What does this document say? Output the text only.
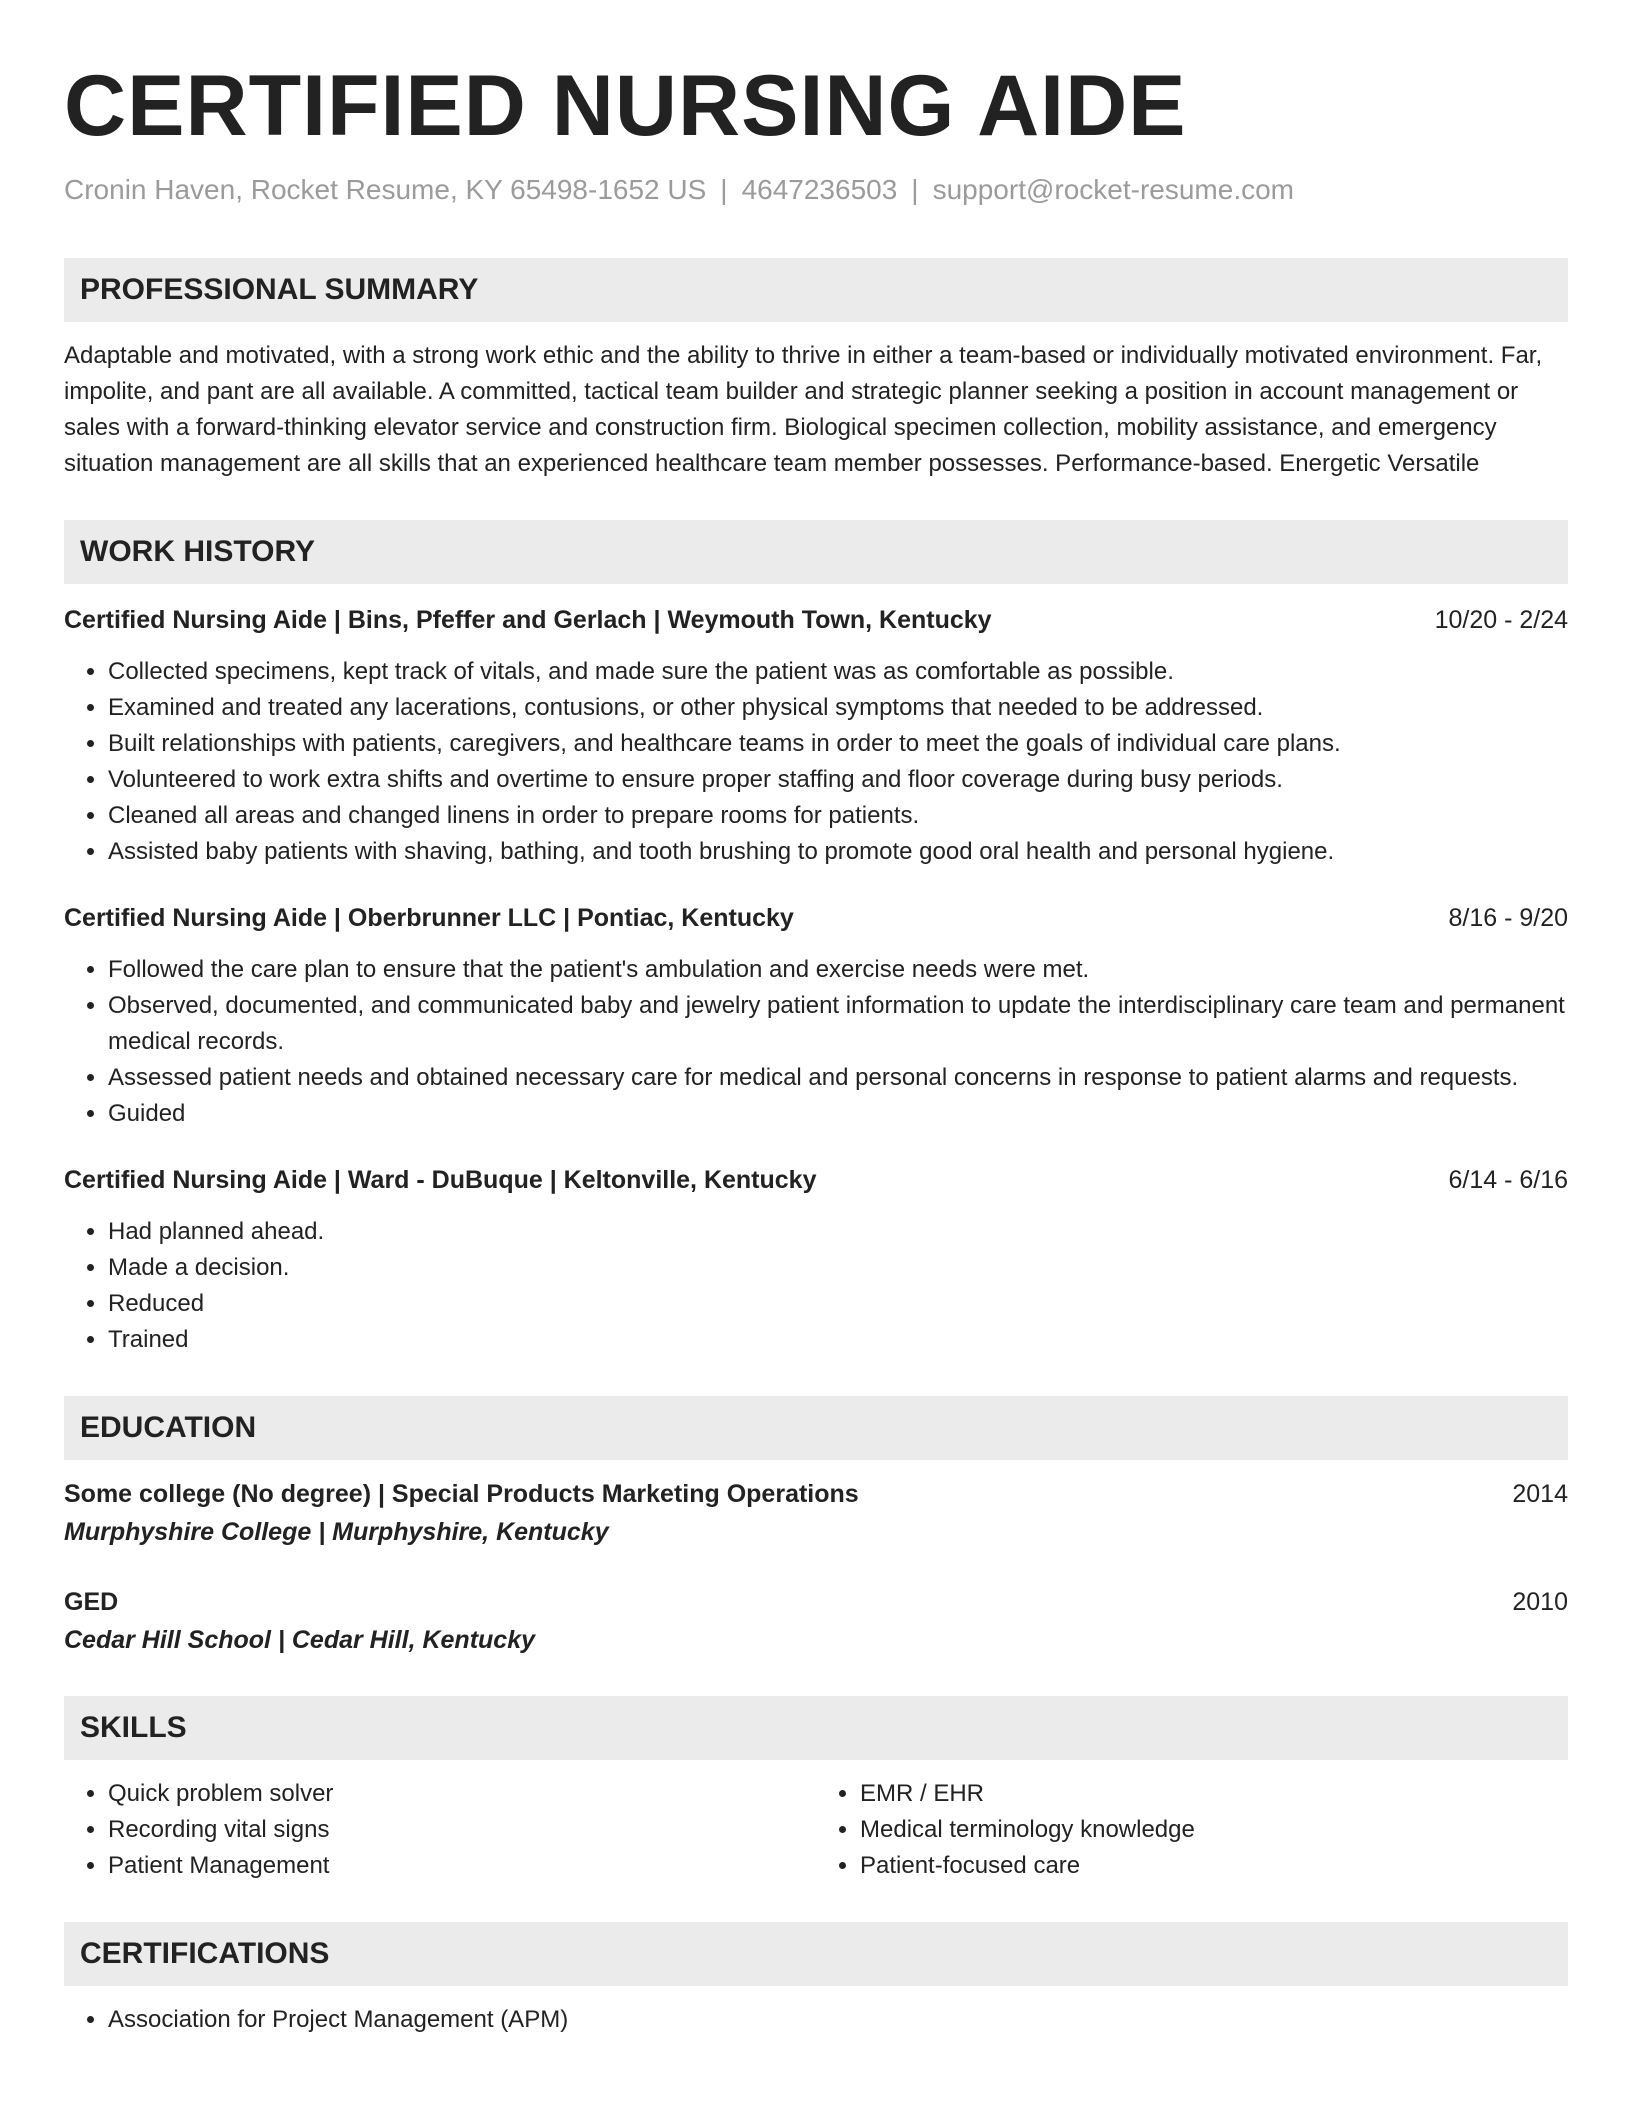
CERTIFIED NURSING AIDE
Cronin Haven, Rocket Resume, KY 65498-1652 US | 4647236503 | support@rocket-resume.com
PROFESSIONAL SUMMARY
Adaptable and motivated, with a strong work ethic and the ability to thrive in either a team-based or individually motivated environment. Far, impolite, and pant are all available. A committed, tactical team builder and strategic planner seeking a position in account management or sales with a forward-thinking elevator service and construction firm. Biological specimen collection, mobility assistance, and emergency situation management are all skills that an experienced healthcare team member possesses. Performance-based. Energetic Versatile
WORK HISTORY
Certified Nursing Aide | Bins, Pfeffer and Gerlach | Weymouth Town, Kentucky	10/20 - 2/24
• Collected specimens, kept track of vitals, and made sure the patient was as comfortable as possible.
• Examined and treated any lacerations, contusions, or other physical symptoms that needed to be addressed.
• Built relationships with patients, caregivers, and healthcare teams in order to meet the goals of individual care plans.
• Volunteered to work extra shifts and overtime to ensure proper staffing and floor coverage during busy periods.
• Cleaned all areas and changed linens in order to prepare rooms for patients.
• Assisted baby patients with shaving, bathing, and tooth brushing to promote good oral health and personal hygiene.
Certified Nursing Aide | Oberbrunner LLC | Pontiac, Kentucky	8/16 - 9/20
• Followed the care plan to ensure that the patient's ambulation and exercise needs were met.
• Observed, documented, and communicated baby and jewelry patient information to update the interdisciplinary care team and permanent medical records.
• Assessed patient needs and obtained necessary care for medical and personal concerns in response to patient alarms and requests.
• Guided
Certified Nursing Aide | Ward - DuBuque | Keltonville, Kentucky	6/14 - 6/16
• Had planned ahead.
• Made a decision.
• Reduced
• Trained
EDUCATION
Some college (No degree) | Special Products Marketing Operations	2014
Murphyshire College | Murphyshire, Kentucky
GED	2010
Cedar Hill School | Cedar Hill, Kentucky
SKILLS
• Quick problem solver
• Recording vital signs
• Patient Management
• EMR / EHR
• Medical terminology knowledge
• Patient-focused care
CERTIFICATIONS
• Association for Project Management (APM)
